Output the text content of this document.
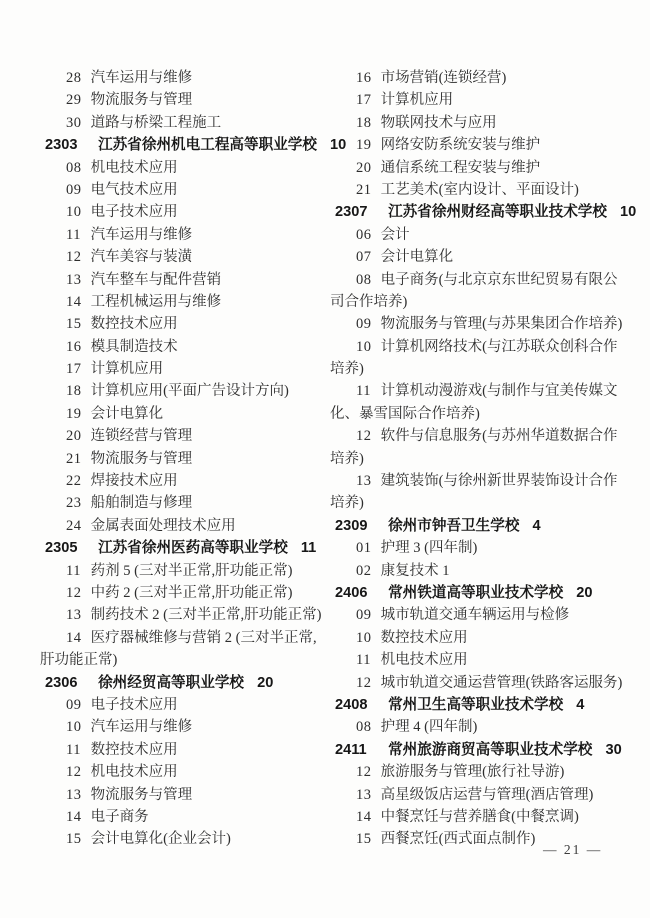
28 汽车运用与维修
29 物流服务与管理
30 道路与桥梁工程施工
2303 江苏省徐州机电工程高等职业学校 10
08 机电技术应用
09 电气技术应用
10 电子技术应用
11 汽车运用与维修
12 汽车美容与装潢
13 汽车整车与配件营销
14 工程机械运用与维修
15 数控技术应用
16 模具制造技术
17 计算机应用
18 计算机应用(平面广告设计方向)
19 会计电算化
20 连锁经营与管理
21 物流服务与管理
22 焊接技术应用
23 船舶制造与修理
24 金属表面处理技术应用
2305 江苏省徐州医药高等职业学校 11
11 药剂 5 (三对半正常,肝功能正常)
12 中药 2 (三对半正常,肝功能正常)
13 制药技术 2 (三对半正常,肝功能正常)
14 医疗器械维修与营销 2 (三对半正常,
肝功能正常)
2306 徐州经贸高等职业学校 20
09 电子技术应用
10 汽车运用与维修
11 数控技术应用
12 机电技术应用
13 物流服务与管理
14 电子商务
15 会计电算化(企业会计)
16 市场营销(连锁经营)
17 计算机应用
18 物联网技术与应用
19 网络安防系统安装与维护
20 通信系统工程安装与维护
21 工艺美术(室内设计、平面设计)
2307 江苏省徐州财经高等职业技术学校 10
06 会计
07 会计电算化
08 电子商务(与北京京东世纪贸易有限公
司合作培养)
09 物流服务与管理(与苏果集团合作培养)
10 计算机网络技术(与江苏联众创科合作
培养)
11 计算机动漫游戏(与制作与宜美传媒文
化、暴雪国际合作培养)
12 软件与信息服务(与苏州华道数据合作
培养)
13 建筑装饰(与徐州新世界装饰设计合作
培养)
2309 徐州市钟吾卫生学校 4
01 护理 3 (四年制)
02 康复技术 1
2406 常州铁道高等职业技术学校 20
09 城市轨道交通车辆运用与检修
10 数控技术应用
11 机电技术应用
12 城市轨道交通运营管理(铁路客运服务)
2408 常州卫生高等职业技术学校 4
08 护理 4 (四年制)
2411 常州旅游商贸高等职业技术学校 30
12 旅游服务与管理(旅行社导游)
13 高星级饭店运营与管理(酒店管理)
14 中餐烹饪与营养膳食(中餐烹调)
15 西餐烹饪(西式面点制作)
— 21 —
